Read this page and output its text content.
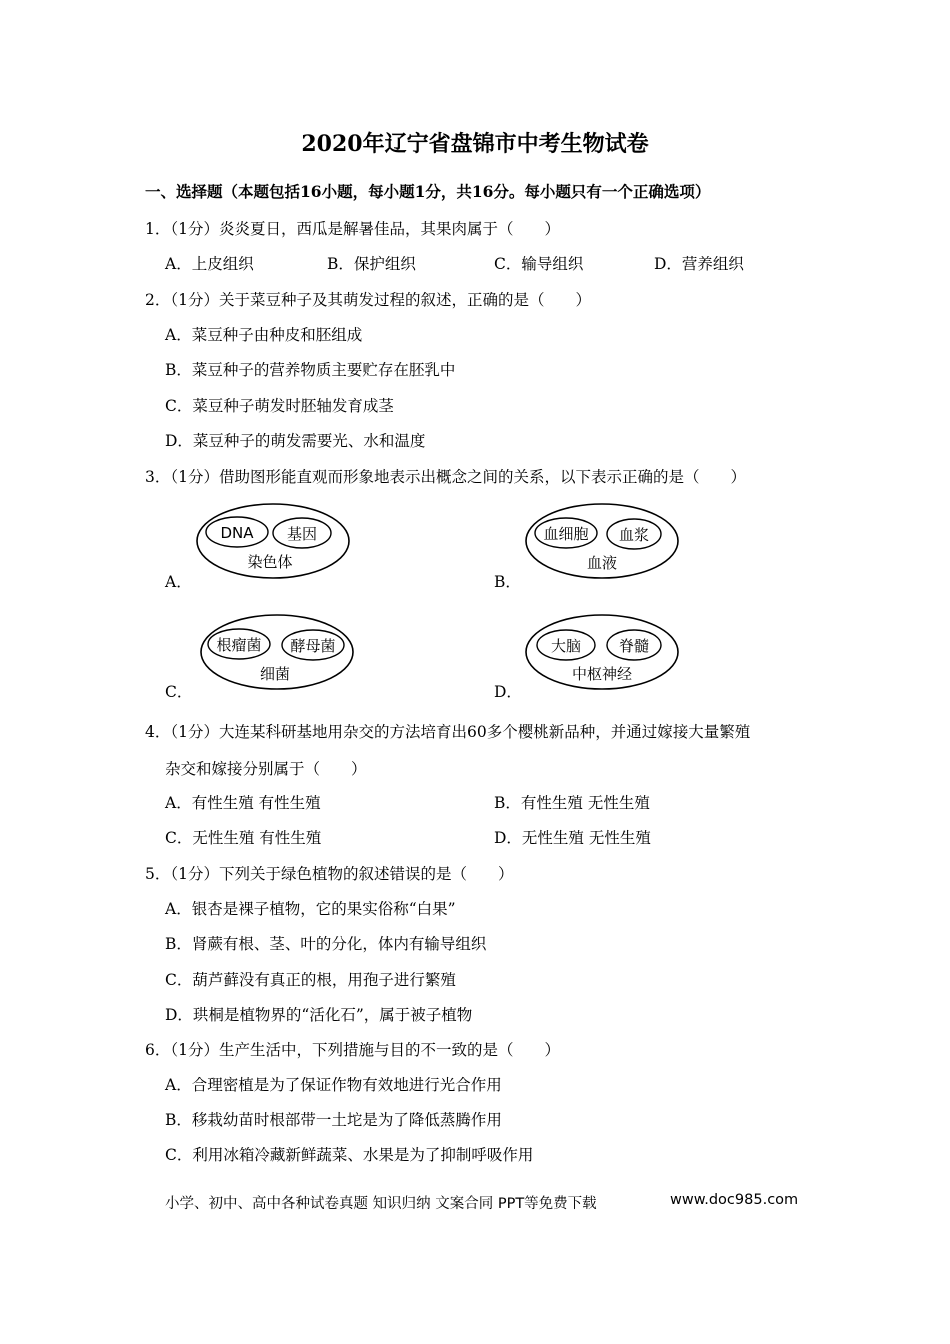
2020年辽宁省盘锦市中考生物试卷
一、选择题（本题包括16小题，每小题1分，共16分。每小题只有一个正确选项）
1．（1分）炎炎夏日，西瓜是解暑佳品，其果肉属于（　　）
A．上皮组织	B．保护组织	C．输导组织	D．营养组织
2．（1分）关于菜豆种子及其萌发过程的叙述，正确的是（　　）
A．菜豆种子由种皮和胚组成
B．菜豆种子的营养物质主要贮存在胚乳中
C．菜豆种子萌发时胚轴发育成茎
D．菜豆种子的萌发需要光、水和温度
3．（1分）借助图形能直观而形象地表示出概念之间的关系，以下表示正确的是（　　）
A．
DNA 基因
染色体
B．
血细胞 血浆
血液
C．
根瘤菌 酵母菌
细菌
D．
大脑	脊髓
中枢神经
4．（1分）大连某科研基地用杂交的方法培育出60多个樱桃新品种，并通过嫁接大量繁殖
杂交和嫁接分别属于（　　）
A．有性生殖 有性生殖	B．有性生殖 无性生殖
C．无性生殖 有性生殖	D．无性生殖 无性生殖
5．（1分）下列关于绿色植物的叙述错误的是（　　）
A．银杏是裸子植物，它的果实俗称“白果”
B．肾蕨有根、茎、叶的分化，体内有输导组织
C．葫芦藓没有真正的根，用孢子进行繁殖
D．珙桐是植物界的“活化石”，属于被子植物
6．（1分）生产生活中，下列措施与目的不一致的是（　　）
A．合理密植是为了保证作物有效地进行光合作用
B．移栽幼苗时根部带一土坨是为了降低蒸腾作用
C．利用冰箱冷藏新鲜蔬菜、水果是为了抑制呼吸作用
小学、初中、高中各种试卷真题 知识归纳 文案合同 PPT等免费下载	www.doc985.com
